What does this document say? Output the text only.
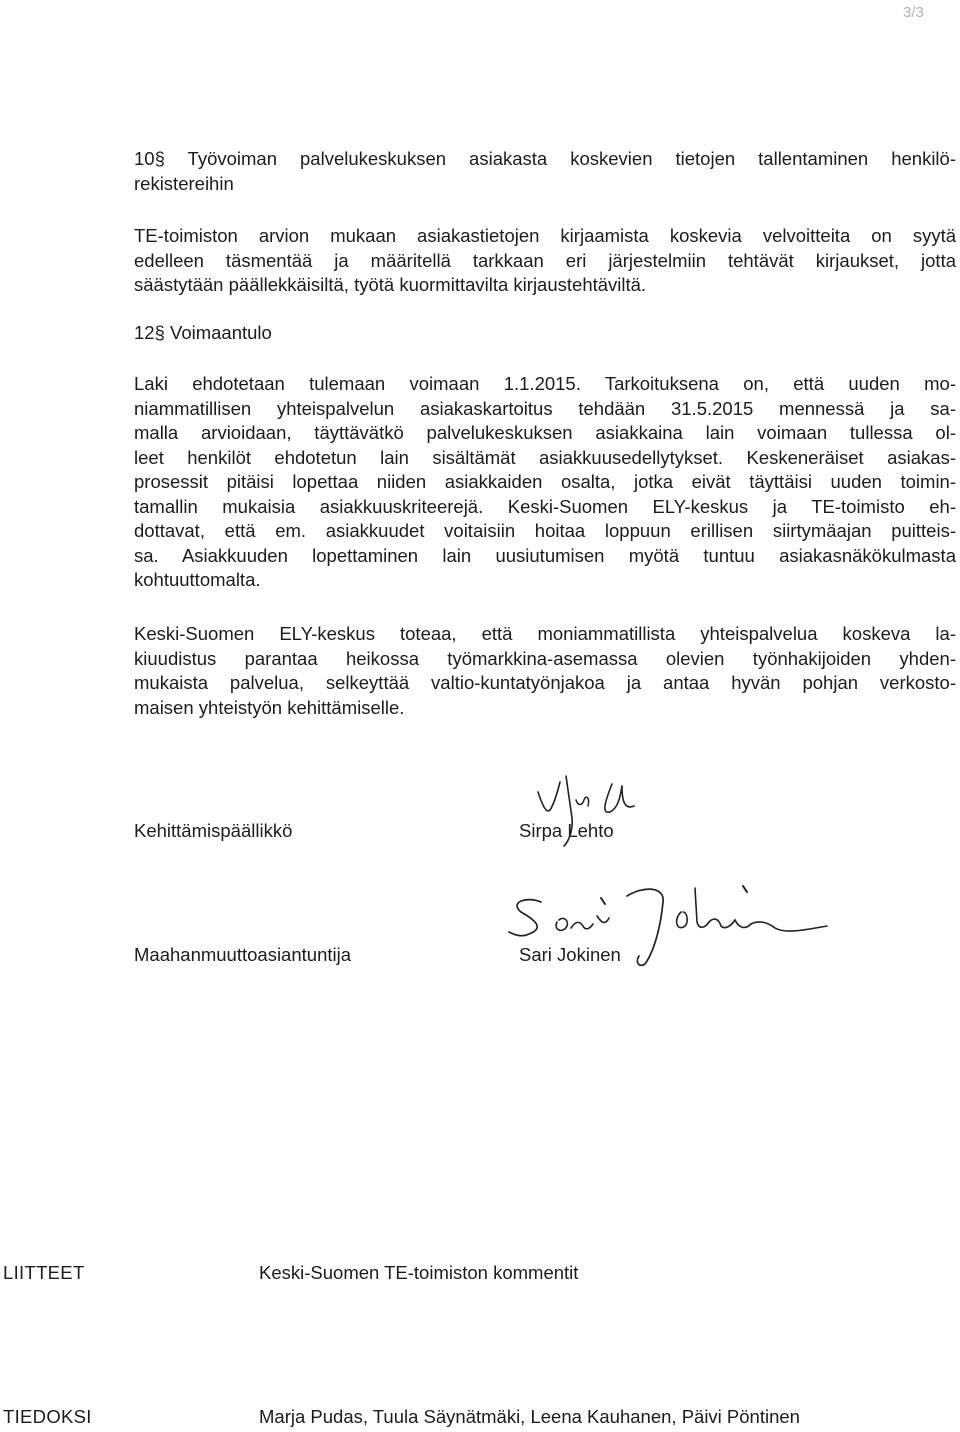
3/3
10§ Työvoiman palvelukeskuksen asiakasta koskevien tietojen tallentaminen henkilö-
rekistereihin
TE-toimiston arvion mukaan asiakastietojen kirjaamista koskevia velvoitteita on syytä
edelleen täsmentää ja määritellä tarkkaan eri järjestelmiin tehtävät kirjaukset, jotta
säästytään päällekkäisiltä, työtä kuormittavilta kirjaustehtäviltä.
12§ Voimaantulo
Laki ehdotetaan tulemaan voimaan 1.1.2015. Tarkoituksena on, että uuden mo-
niammatillisen yhteispalvelun asiakaskartoitus tehdään 31.5.2015 mennessä ja sa-
malla arvioidaan, täyttävätkö palvelukeskuksen asiakkaina lain voimaan tullessa ol-
leet henkilöt ehdotetun lain sisältämät asiakkuusedellytykset. Keskeneräiset asiakas-
prosessit pitäisi lopettaa niiden asiakkaiden osalta, jotka eivät täyttäisi uuden toimin-
tamallin mukaisia asiakkuuskriteerejä. Keski-Suomen ELY-keskus ja TE-toimisto eh-
dottavat, että em. asiakkuudet voitaisiin hoitaa loppuun erillisen siirtymäajan puitteis-
sa. Asiakkuuden lopettaminen lain uusiutumisen myötä tuntuu asiakasnäkökulmasta
kohtuuttomalta.
Keski-Suomen ELY-keskus toteaa, että moniammatillista yhteispalvelua koskeva la-
kiuudistus parantaa heikossa työmarkkina-asemassa olevien työnhakijoiden yhden-
mukaista palvelua, selkeyttää valtio-kuntatyönjakoa ja antaa hyvän pohjan verkosto-
maisen yhteistyön kehittämiselle.
Kehittämispäällikkö	Sirpa Lehto
Maahanmuuttoasiantuntija	Sari Jokinen
LIITTEET	Keski-Suomen TE-toimiston kommentit
TIEDOKSI	Marja Pudas, Tuula Säynätmäki, Leena Kauhanen, Päivi Pöntinen
